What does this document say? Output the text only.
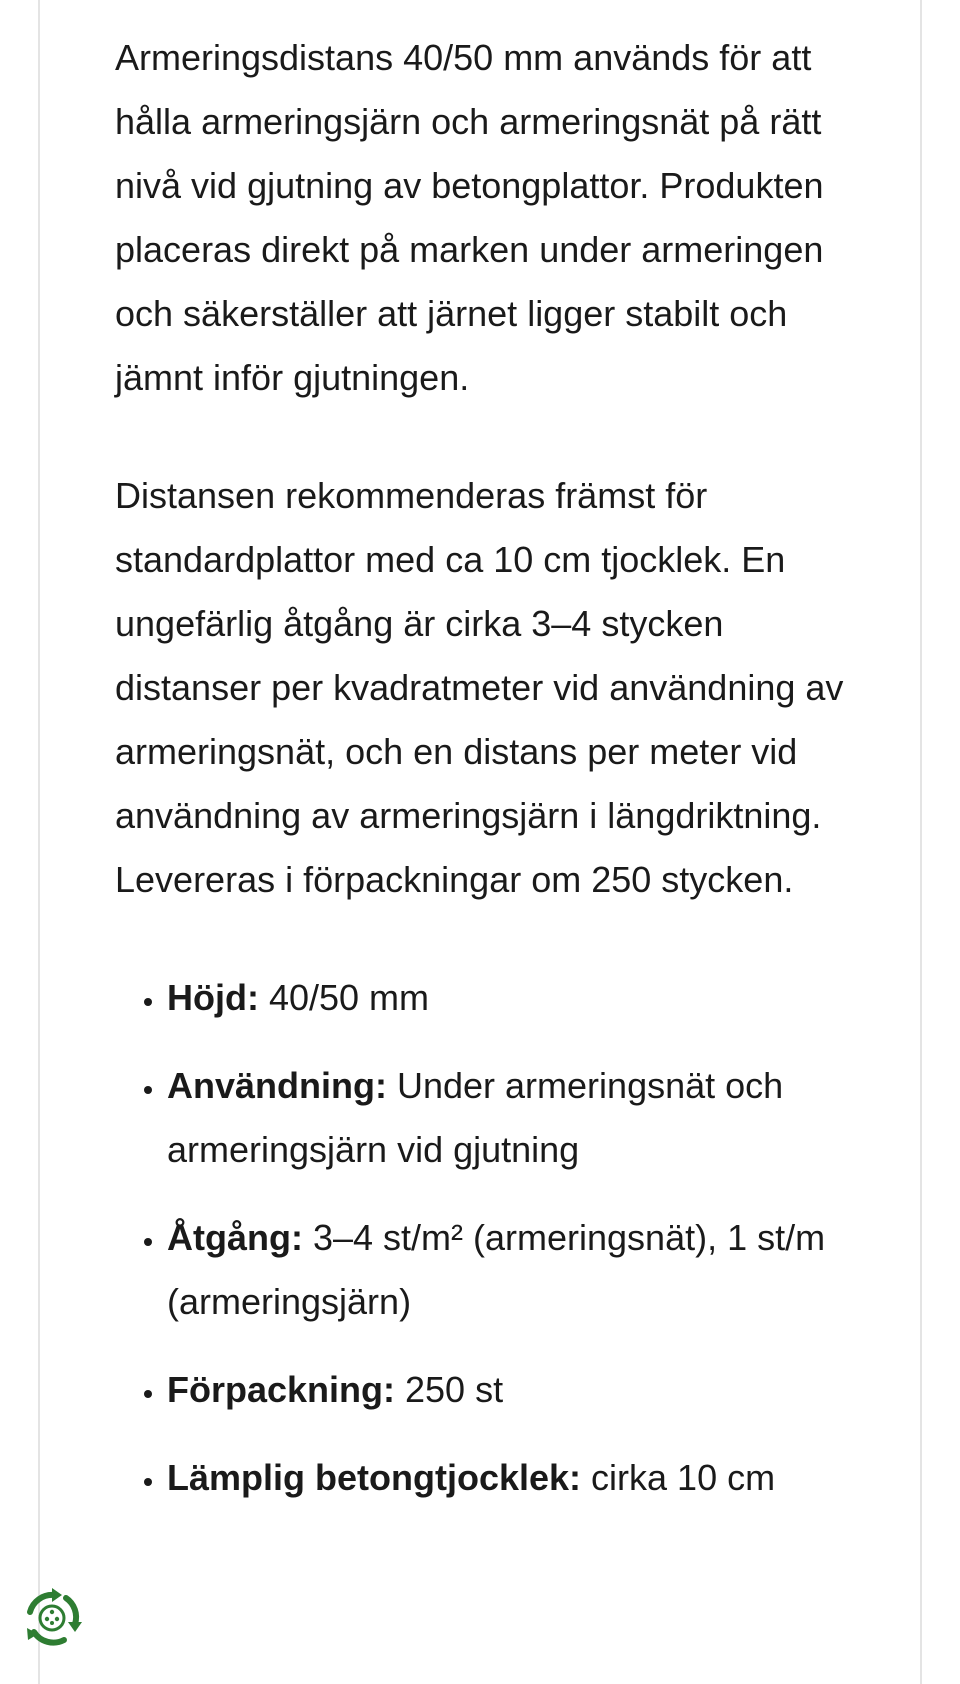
Armeringsdistans 40/50 mm används för att hålla armeringsjärn och armeringsnät på rätt nivå vid gjutning av betongplattor. Produkten placeras direkt på marken under armeringen och säkerställer att järnet ligger stabilt och jämnt inför gjutningen.

Distansen rekommenderas främst för standardplattor med ca 10 cm tjocklek. En ungefärlig åtgång är cirka 3–4 stycken distanser per kvadratmeter vid användning av armeringsnät, och en distans per meter vid användning av armeringsjärn i längdriktning. Levereras i förpackningar om 250 stycken.

• Höjd: 40/50 mm
• Användning: Under armeringsnät och armeringsjärn vid gjutning
• Åtgång: 3–4 st/m² (armeringsnät), 1 st/m (armeringsjärn)
• Förpackning: 250 st
• Lämplig betongtjocklek: cirka 10 cm
